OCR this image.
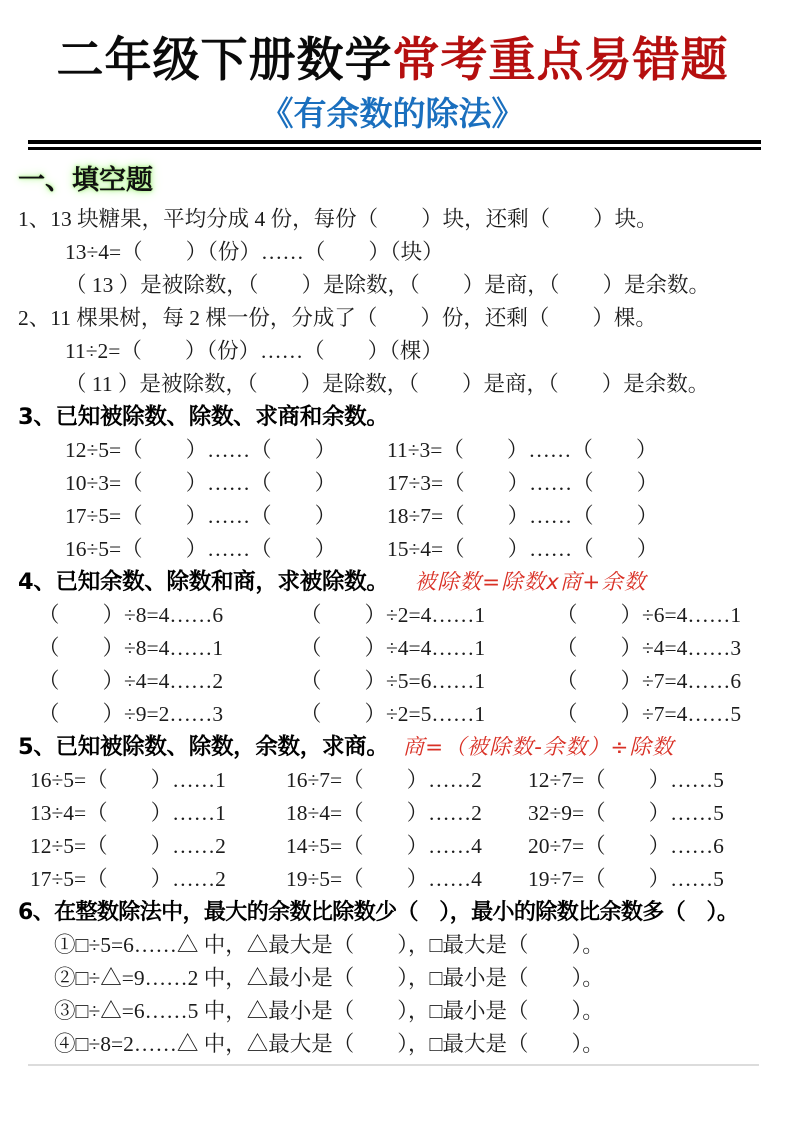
二年级下册数学常考重点易错题
《有余数的除法》
一、填空题
1、13 块糖果，平均分成 4 份，每份（　　）块，还剩（　　）块。
13÷4=（　　）（份）……（　　）（块）
（ 13 ）是被除数，（　　）是除数，（　　）是商，（　　）是余数。
2、11 棵果树，每 2 棵一份，分成了（　　）份，还剩（　　）棵。
11÷2=（　　）（份）……（　　）（棵）
（ 11 ）是被除数，（　　）是除数，（　　）是商，（　　）是余数。
3、已知被除数、除数、求商和余数。
12÷5=（　　）……（　　）	11÷3=（　　）……（　　）
10÷3=（　　）……（　　）	17÷3=（　　）……（　　）
17÷5=（　　）……（　　）	18÷7=（　　）……（　　）
16÷5=（　　）……（　　）	15÷4=（　　）……（　　）
4、已知余数、除数和商，求被除数。 被除数=除数x商+余数
（　　）÷8=4……6	（　　）÷2=4……1	（　　）÷6=4……1
（　　）÷8=4……1	（　　）÷4=4……1	（　　）÷4=4……3
（　　）÷4=4……2	（　　）÷5=6……1	（　　）÷7=4……6
（　　）÷9=2……3	（　　）÷2=5……1	（　　）÷7=4……5
5、已知被除数、除数，余数，求商。 商=（被除数-余数）÷除数
16÷5=（　　）……1	16÷7=（　　）……2	12÷7=（　　）……5
13÷4=（　　）……1	18÷4=（　　）……2	32÷9=（　　）……5
12÷5=（　　）……2	14÷5=（　　）……4	20÷7=（　　）……6
17÷5=（　　）……2	19÷5=（　　）……4	19÷7=（　　）……5
6、在整数除法中，最大的余数比除数少（　），最小的除数比余数多（　）。
①□÷5=6……△ 中，△最大是（　　），□最大是（　　）。
②□÷△=9……2 中，△最小是（　　），□最小是（　　）。
③□÷△=6……5 中，△最小是（　　），□最小是（　　）。
④□÷8=2……△ 中，△最大是（　　），□最大是（　　）。
